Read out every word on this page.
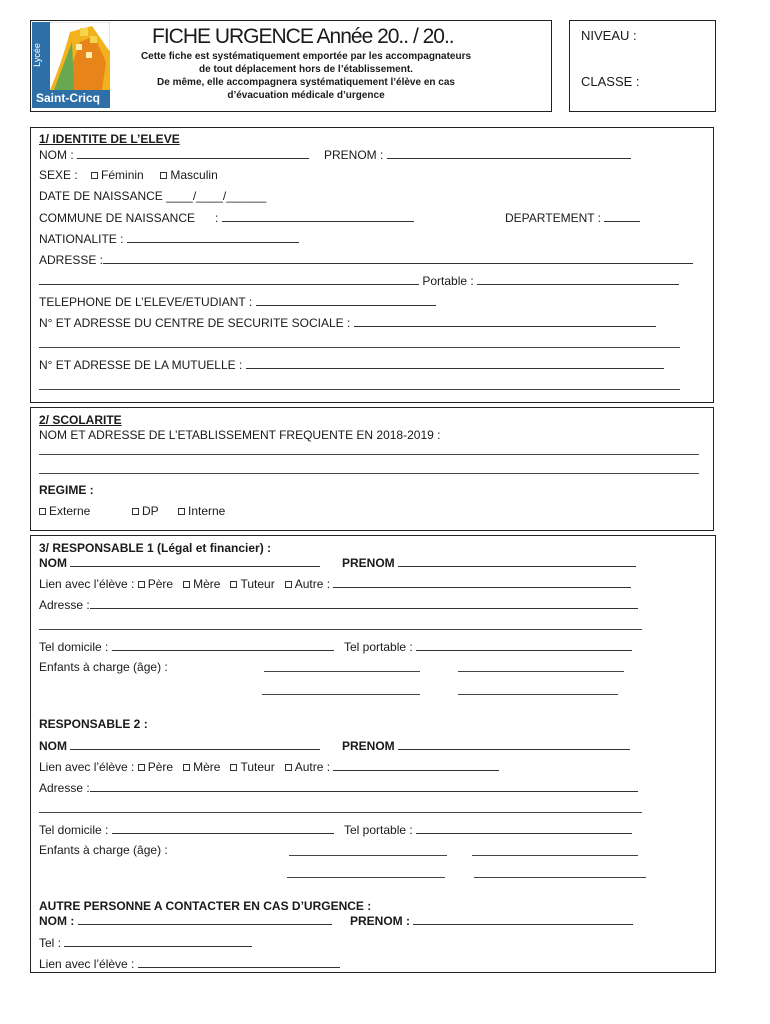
Lycée
Saint-Cricq
FICHE URGENCE Année 20.. / 20..
Cette fiche est systématiquement emportée par les accompagnateurs
de tout déplacement hors de l’établissement.
De même, elle accompagnera systématiquement l’élève en cas
d’évacuation médicale d’urgence
NIVEAU :
CLASSE :
1/ IDENTITE DE L’ELEVE
NOM :	PRENOM :
SEXE : Féminin Masculin
DATE DE NAISSANCE ____/____/______
COMMUNE DE NAISSANCE :	DEPARTEMENT :
NATIONALITE :
ADRESSE :
Portable :
TELEPHONE DE L’ELEVE/ETUDIANT :
N° ET ADRESSE DU CENTRE DE SECURITE SOCIALE :
N° ET ADRESSE DE LA MUTUELLE :
2/ SCOLARITE
NOM ET ADRESSE DE L’ETABLISSEMENT FREQUENTE EN 2018-2019 :
REGIME :
Externe	DP	Interne
3/ RESPONSABLE 1 (Légal et financier) :
NOM	PRENOM
Lien avec l’élève : Père Mère Tuteur Autre :
Adresse :
Tel domicile :	Tel portable :
Enfants à charge (âge) :
RESPONSABLE 2 :
NOM	PRENOM
Lien avec l’élève : Père Mère Tuteur Autre :
Adresse :
Tel domicile :	Tel portable :
Enfants à charge (âge) :
AUTRE PERSONNE A CONTACTER EN CAS D’URGENCE :
NOM :	PRENOM :
Tel :
Lien avec l’élève :
